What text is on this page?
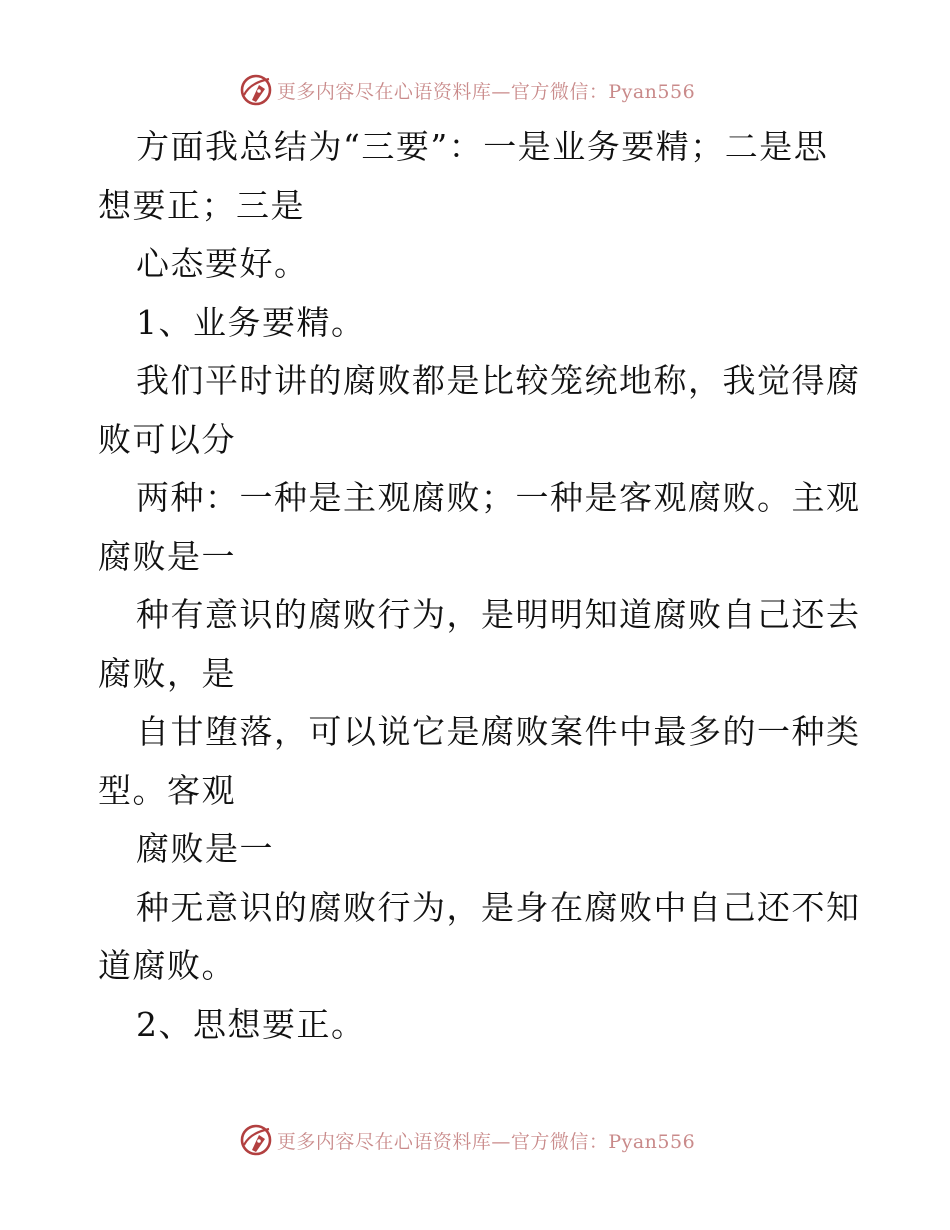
更多内容尽在心语资料库—官方微信：Pyan556
方面我总结为“三要”：一是业务要精；二是思
想要正；三是
心态要好。
1、业务要精。
我们平时讲的腐败都是比较笼统地称，我觉得腐
败可以分
两种：一种是主观腐败；一种是客观腐败。主观
腐败是一
种有意识的腐败行为，是明明知道腐败自己还去
腐败，是
自甘堕落，可以说它是腐败案件中最多的一种类
型。客观
腐败是一
种无意识的腐败行为，是身在腐败中自己还不知
道腐败。
2、思想要正。
更多内容尽在心语资料库—官方微信：Pyan556
